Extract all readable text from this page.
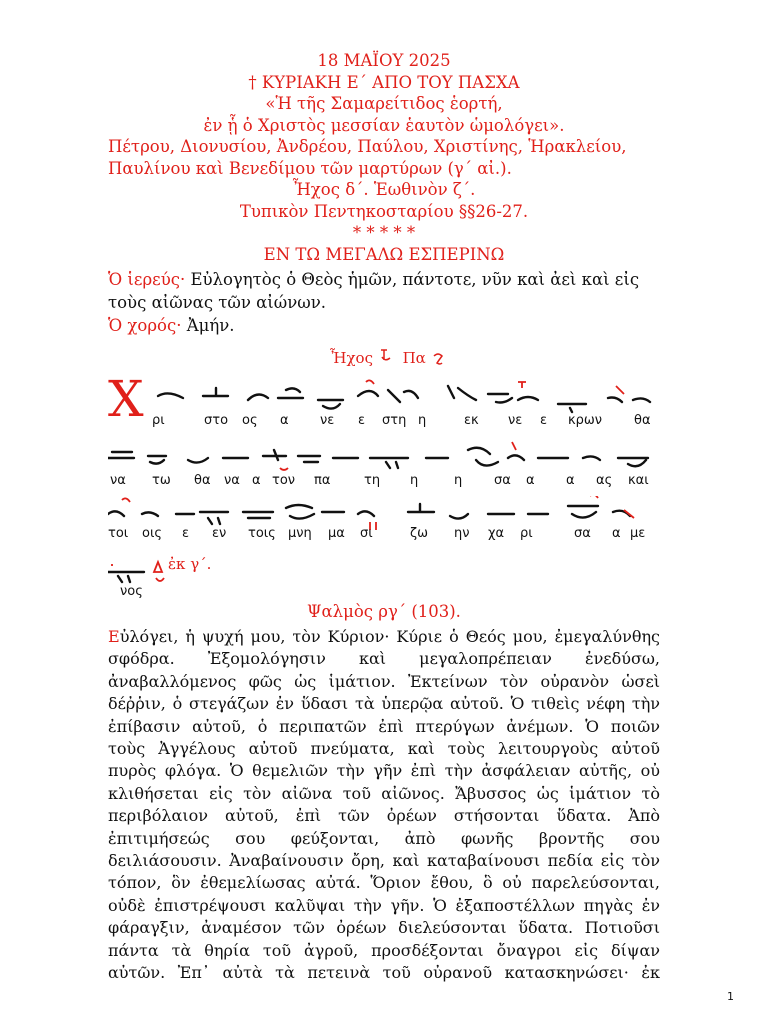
18 ΜΑΪΟΥ 2025
† ΚΥΡΙΑΚΗ Ε΄ ΑΠΟ ΤΟΥ ΠΑΣΧΑ
«Ἡ τῆς Σαμαρείτιδος ἑορτή,
ἐν ᾗ ὁ Χριστὸς μεσσίαν ἑαυτὸν ὡμολόγει».
Πέτρου, Διονυσίου, Ἀνδρέου, Παύλου, Χριστίνης, Ἡρακλείου,
Παυλίνου καὶ Βενεδίμου τῶν μαρτύρων (γ΄ αἰ.).
Ἦχος δ΄. Ἑωθινὸν ζ΄.
Τυπικὸν Πεντηκοσταρίου §§26-27.
* * * * *
ΕΝ ΤΩ ΜΕΓΑΛΩ ΕΣΠΕΡΙΝΩ
Ὁ ἱερεύς· Εὐλογητὸς ὁ Θεὸς ἡμῶν, πάντοτε, νῦν καὶ ἀεὶ καὶ εἰς
τοὺς αἰῶνας τῶν αἰώνων.
Ὁ χορός· Ἀμήν.
Ἦχος Πα
Χ ρι	στο ος α νε ε στη η	εκ νε ε κρων θα
να τω θα να α τον πα	τη η	η σα α α ας και
τοι οις ε εν τοις μνη μα σι	ζω ην χα ρι	σα α με
νος
ἐκ γ΄.
Ψαλμὸς ργ΄ (103).
Εὐλόγει, ἡ ψυχή μου, τὸν Κύριον· Κύριε ὁ Θεός μου, ἐμεγαλύνθης
σφόδρα. Ἐξομολόγησιν καὶ μεγαλοπρέπειαν ἐνεδύσω,
ἀναβαλλόμενος φῶς ὡς ἱμάτιον. Ἐκτείνων τὸν οὐρανὸν ὡσεὶ
δέῤῥιν, ὁ στεγάζων ἐν ὕδασι τὰ ὑπερῷα αὐτοῦ. Ὁ τιθεὶς νέφη τὴν
ἐπίβασιν αὐτοῦ, ὁ περιπατῶν ἐπὶ πτερύγων ἀνέμων. Ὁ ποιῶν
τοὺς Ἀγγέλους αὐτοῦ πνεύματα, καὶ τοὺς λειτουργοὺς αὐτοῦ
πυρὸς φλόγα. Ὁ θεμελιῶν τὴν γῆν ἐπὶ τὴν ἀσφάλειαν αὐτῆς, οὐ
κλιθήσεται εἰς τὸν αἰῶνα τοῦ αἰῶνος. Ἄβυσσος ὡς ἱμάτιον τὸ
περιβόλαιον αὐτοῦ, ἐπὶ τῶν ὀρέων στήσονται ὕδατα. Ἀπὸ
ἐπιτιμήσεώς σου φεύξονται, ἀπὸ φωνῆς βροντῆς σου
δειλιάσουσιν. Ἀναβαίνουσιν ὄρη, καὶ καταβαίνουσι πεδία εἰς τὸν
τόπον, ὃν ἐθεμελίωσας αὐτά. Ὅριον ἔθου, ὃ οὐ παρελεύσονται,
οὐδὲ ἐπιστρέψουσι καλῦψαι τὴν γῆν. Ὁ ἐξαποστέλλων πηγὰς ἐν
φάραγξιν, ἀναμέσον τῶν ὀρέων διελεύσονται ὕδατα. Ποτιοῦσι
πάντα τὰ θηρία τοῦ ἀγροῦ, προσδέξονται ὄναγροι εἰς δίψαν
αὐτῶν. Ἐπ᾽ αὐτὰ τὰ πετεινὰ τοῦ οὐρανοῦ κατασκηνώσει· ἐκ
1
